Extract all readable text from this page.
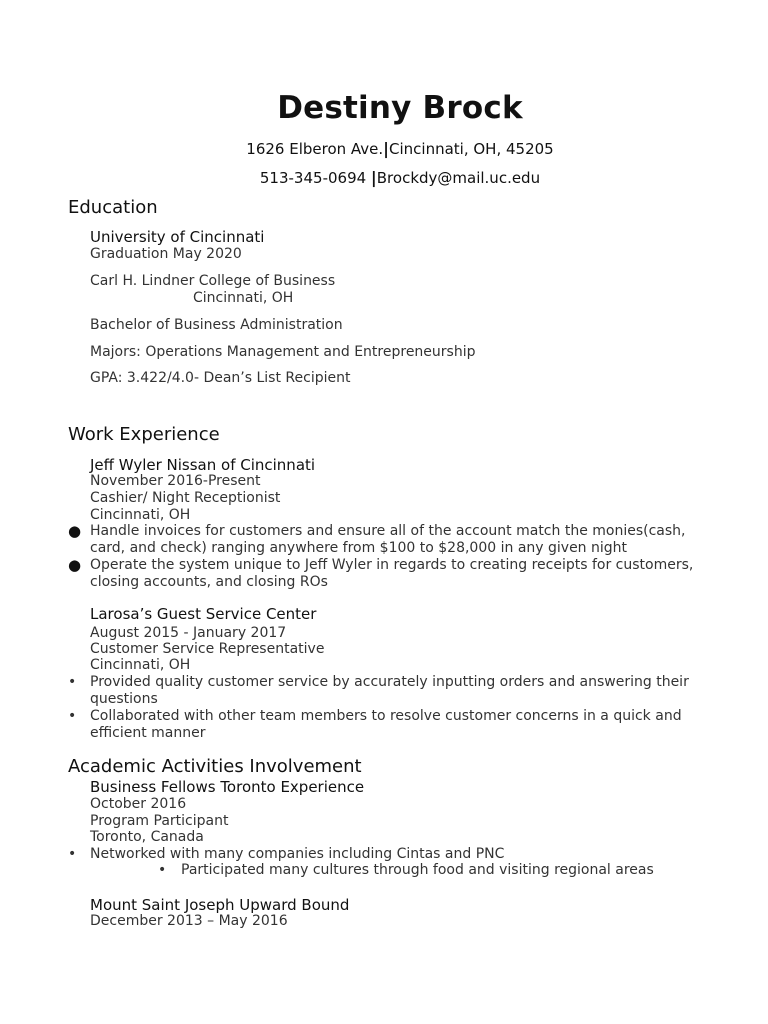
Destiny Brock
1626 Elberon Ave.|Cincinnati, OH, 45205
513-345-0694 |Brockdy@mail.uc.edu
Education
University of Cincinnati
Graduation May 2020
Carl H. Lindner College of Business
Cincinnati, OH
Bachelor of Business Administration
Majors: Operations Management and Entrepreneurship
GPA: 3.422/4.0- Dean’s List Recipient
Work Experience
Jeff Wyler Nissan of Cincinnati
November 2016-Present
Cashier/ Night Receptionist
Cincinnati, OH
● Handle invoices for customers and ensure all of the account match the monies(cash, card, and check) ranging anywhere from $100 to $28,000 in any given night
● Operate the system unique to Jeff Wyler in regards to creating receipts for customers, closing accounts, and closing ROs
Larosa’s Guest Service Center
August 2015 - January 2017
Customer Service Representative
Cincinnati, OH
• Provided quality customer service by accurately inputting orders and answering their questions
• Collaborated with other team members to resolve customer concerns in a quick and efficient manner
Academic Activities Involvement
Business Fellows Toronto Experience
October 2016
Program Participant
Toronto, Canada
• Networked with many companies including Cintas and PNC
• Participated many cultures through food and visiting regional areas
Mount Saint Joseph Upward Bound
December 2013 – May 2016
